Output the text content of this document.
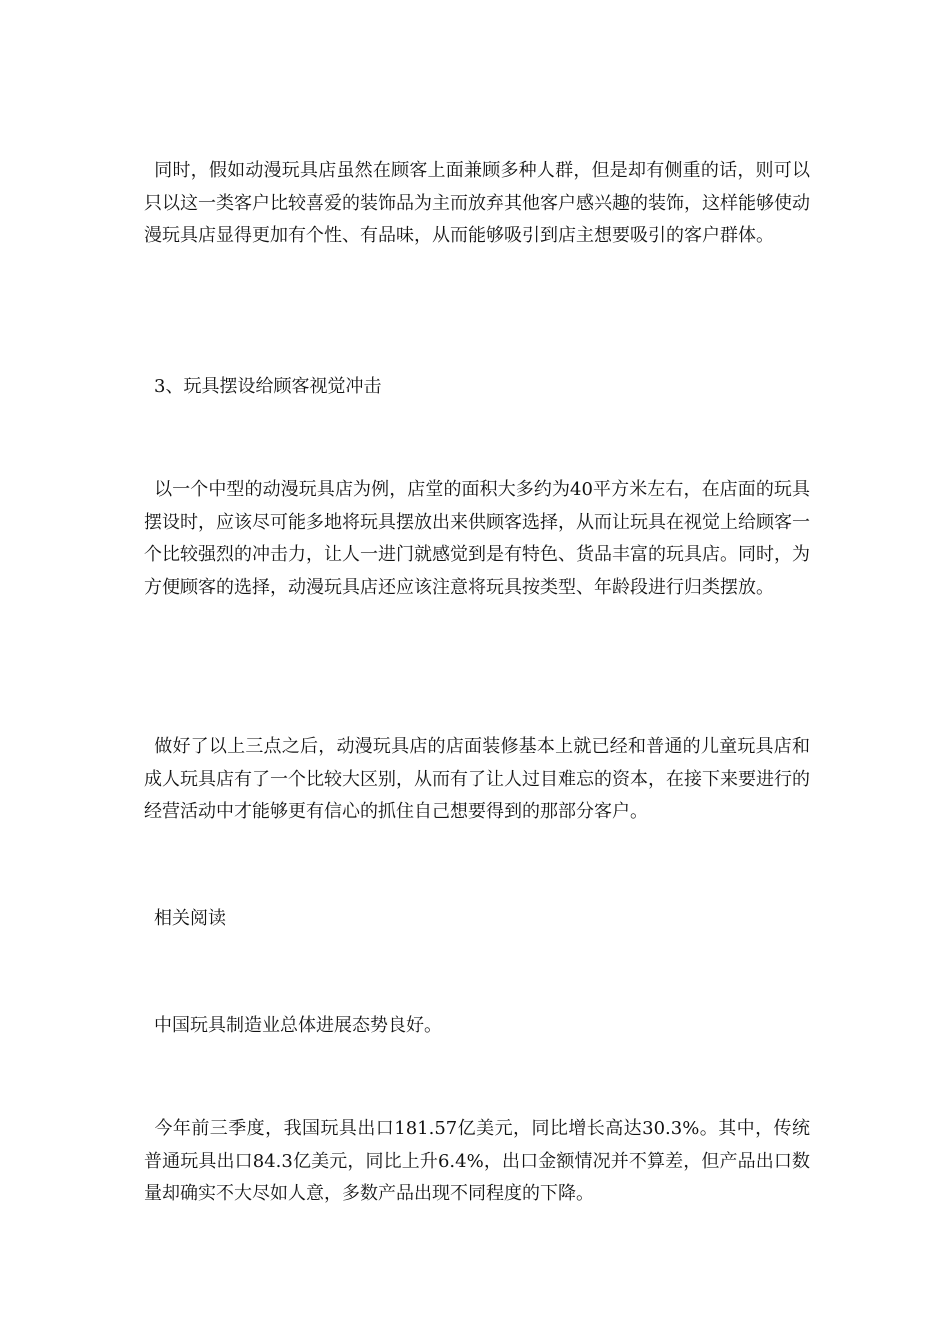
同时，假如动漫玩具店虽然在顾客上面兼顾多种人群，但是却有侧重的话，则可以只以这一类客户比较喜爱的装饰品为主而放弃其他客户感兴趣的装饰，这样能够使动漫玩具店显得更加有个性、有品味，从而能够吸引到店主想要吸引的客户群体。

3、玩具摆设给顾客视觉冲击

以一个中型的动漫玩具店为例，店堂的面积大多约为40平方米左右，在店面的玩具摆设时，应该尽可能多地将玩具摆放出来供顾客选择，从而让玩具在视觉上给顾客一个比较强烈的冲击力，让人一进门就感觉到是有特色、货品丰富的玩具店。同时，为方便顾客的选择，动漫玩具店还应该注意将玩具按类型、年龄段进行归类摆放。

做好了以上三点之后，动漫玩具店的店面装修基本上就已经和普通的儿童玩具店和成人玩具店有了一个比较大区别，从而有了让人过目难忘的资本，在接下来要进行的经营活动中才能够更有信心的抓住自己想要得到的那部分客户。

相关阅读

中国玩具制造业总体进展态势良好。

今年前三季度，我国玩具出口181.57亿美元，同比增长高达30.3%。其中，传统普通玩具出口84.3亿美元，同比上升6.4%，出口金额情况并不算差，但产品出口数量却确实不大尽如人意，多数产品出现不同程度的下降。
